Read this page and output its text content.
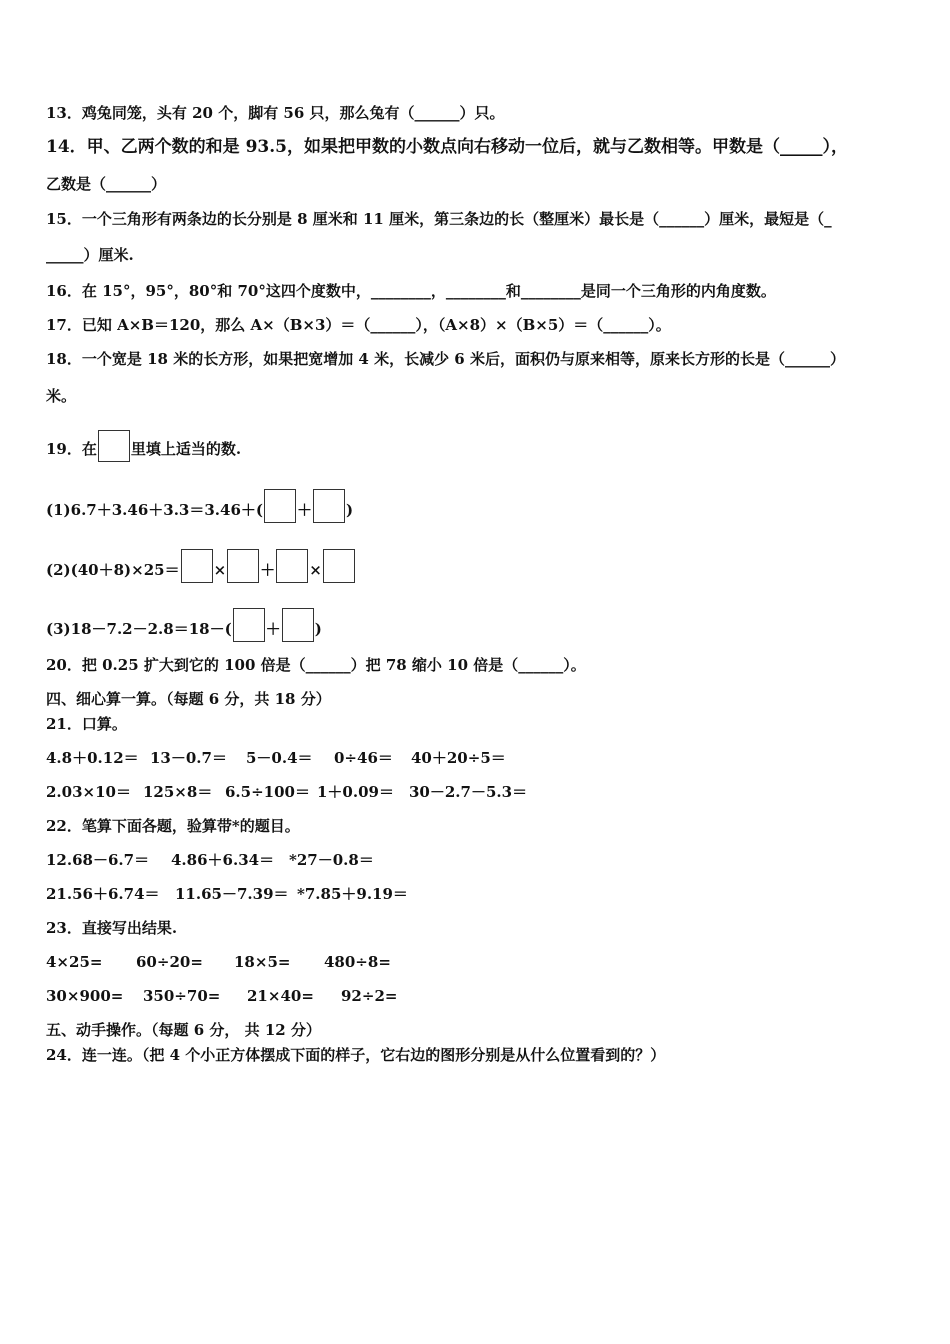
13．鸡兔同笼，头有 20 个，脚有 56 只，那么兔有（______）只。
14．甲、乙两个数的和是 93.5，如果把甲数的小数点向右移动一位后，就与乙数相等。甲数是（_____），
乙数是（______）
15．一个三角形有两条边的长分别是 8 厘米和 11 厘米，第三条边的长（整厘米）最长是（______）厘米，最短是（_
_____）厘米.
16．在 15°，95°，80°和 70°这四个度数中，________，________和________是同一个三角形的内角度数。
17．已知 A×B＝120，那么 A×（B×3）＝（______），（A×8）×（B×5）＝（______）。
18．一个宽是 18 米的长方形，如果把宽增加 4 米，长减少 6 米后，面积仍与原来相等，原来长方形的长是（______）
米。
19．在 里填上适当的数.
(1)6.7＋3.46＋3.3＝3.46＋( ＋ )
(2)(40＋8)×25＝ × ＋ ×
(3)18－7.2－2.8＝18－( ＋ )
20．把 0.25 扩大到它的 100 倍是（______）把 78 缩小 10 倍是（______）。
四、细心算一算。（每题 6 分，共 18 分）
21．口算。
4.8＋0.12＝ 13－0.7＝ 5－0.4＝ 0÷46＝ 40＋20÷5＝
2.03×10＝ 125×8＝ 6.5÷100＝ 1＋0.09＝ 30－2.7－5.3＝
22．笔算下面各题，验算带*的题目。
12.68－6.7＝ 4.86＋6.34＝ *27－0.8＝
21.56＋6.74＝ 11.65－7.39＝ *7.85＋9.19＝
23．直接写出结果.
4×25= 60÷20= 18×5= 480÷8=
30×900= 350÷70= 21×40= 92÷2=
五、动手操作。（每题 6 分， 共 12 分）
24．连一连。（把 4 个小正方体摆成下面的样子，它右边的图形分别是从什么位置看到的？）
